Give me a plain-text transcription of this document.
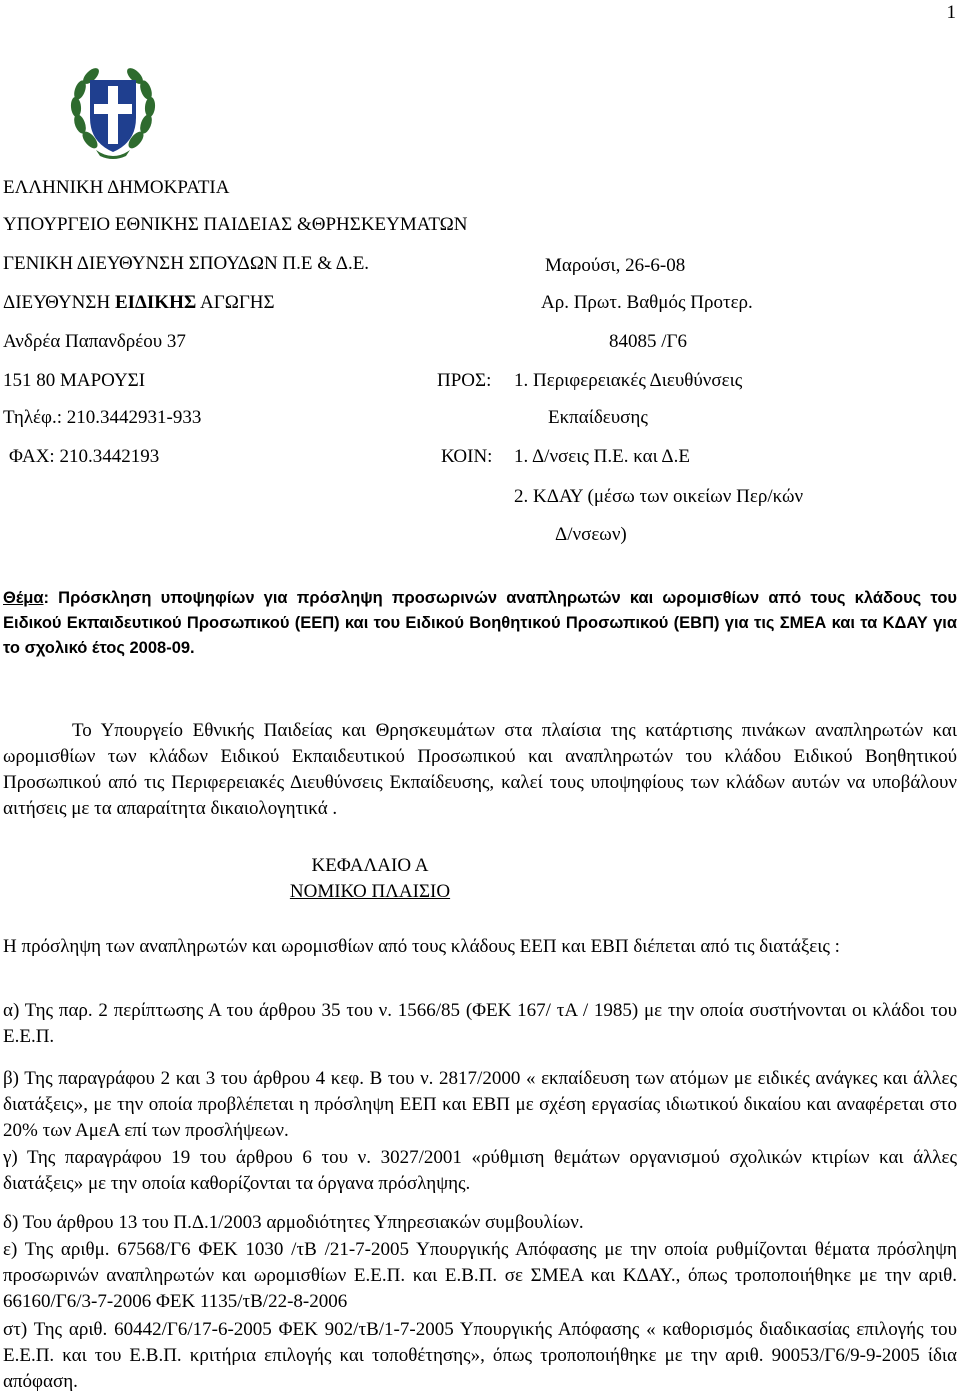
1
ΕΛΛΗΝΙΚΗ ΔΗΜΟΚΡΑΤΙΑ
ΥΠΟΥΡΓΕΙΟ ΕΘΝΙΚΗΣ ΠΑΙΔΕΙΑΣ &ΘΡΗΣΚΕΥΜΑΤΩΝ
ΓΕΝΙΚΗ ΔΙΕΥΘΥΝΣΗ ΣΠΟΥΔΩΝ Π.Ε & Δ.Ε.
ΔΙΕΥΘΥΝΣΗ ΕΙΔΙΚΗΣ ΑΓΩΓΗΣ
Ανδρέα Παπανδρέου 37
151 80 ΜΑΡΟΥΣΙ
Τηλέφ.: 210.3442931-933
ΦΑΧ: 210.3442193
Μαρούσι, 26-6-08
Αρ. Πρωτ. Βαθμός Προτερ.
84085 /Γ6
ΠΡΟΣ: 1. Περιφερειακές Διευθύνσεις
Εκπαίδευσης
ΚΟΙΝ: 1. Δ/νσεις Π.Ε. και Δ.Ε
2. ΚΔΑΥ (μέσω των οικείων Περ/κών
Δ/νσεων)
Θέμα: Πρόσκληση υποψηφίων για πρόσληψη προσωρινών αναπληρωτών και ωρομισθίων από τους κλάδους του Ειδικού Εκπαιδευτικού Προσωπικού (ΕΕΠ) και του Ειδικού Βοηθητικού Προσωπικού (ΕΒΠ) για τις ΣΜΕΑ και τα ΚΔΑΥ για το σχολικό έτος 2008-09.
Το Υπουργείο Εθνικής Παιδείας και Θρησκευμάτων στα πλαίσια της κατάρτισης πινάκων αναπληρωτών και ωρομισθίων των κλάδων Ειδικού Εκπαιδευτικού Προσωπικού και αναπληρωτών του κλάδου Ειδικού Βοηθητικού Προσωπικού από τις Περιφερειακές Διευθύνσεις Εκπαίδευσης, καλεί τους υποψηφίους των κλάδων αυτών να υποβάλουν αιτήσεις με τα απαραίτητα δικαιολογητικά .
ΚΕΦΑΛΑΙΟ Α
ΝΟΜΙΚΟ ΠΛΑΙΣΙΟ
Η πρόσληψη των αναπληρωτών και ωρομισθίων από τους κλάδους ΕΕΠ και ΕΒΠ διέπεται από τις διατάξεις :
α) Της παρ. 2 περίπτωσης Α του άρθρου 35 του ν. 1566/85 (ΦΕΚ 167/ τΑ / 1985) με την οποία συστήνονται οι κλάδοι του Ε.Ε.Π.
β) Της παραγράφου 2 και 3 του άρθρου 4 κεφ. Β του ν. 2817/2000 « εκπαίδευση των ατόμων με ειδικές ανάγκες και άλλες διατάξεις», με την οποία προβλέπεται η πρόσληψη ΕΕΠ και ΕΒΠ με σχέση εργασίας ιδιωτικού δικαίου και αναφέρεται στο 20% των ΑμεΑ επί των προσλήψεων.
γ) Της παραγράφου 19 του άρθρου 6 του ν. 3027/2001 «ρύθμιση θεμάτων οργανισμού σχολικών κτιρίων και άλλες διατάξεις» με την οποία καθορίζονται τα όργανα πρόσληψης.
δ) Του άρθρου 13 του Π.Δ.1/2003 αρμοδιότητες Υπηρεσιακών συμβουλίων.
ε) Της αριθμ. 67568/Γ6 ΦΕΚ 1030 /τΒ /21-7-2005 Υπουργικής Απόφασης με την οποία ρυθμίζονται θέματα πρόσληψη προσωρινών αναπληρωτών και ωρομισθίων Ε.Ε.Π. και Ε.Β.Π. σε ΣΜΕΑ και ΚΔΑΥ., όπως τροποποιήθηκε με την αριθ. 66160/Γ6/3-7-2006 ΦΕΚ 1135/τΒ/22-8-2006
στ) Της αριθ. 60442/Γ6/17-6-2005 ΦΕΚ 902/τΒ/1-7-2005 Υπουργικής Απόφασης « καθορισμός διαδικασίας επιλογής του Ε.Ε.Π. και του Ε.Β.Π. κριτήρια επιλογής και τοποθέτησης», όπως τροποποιήθηκε με την αριθ. 90053/Γ6/9-9-2005 ίδια απόφαση.
